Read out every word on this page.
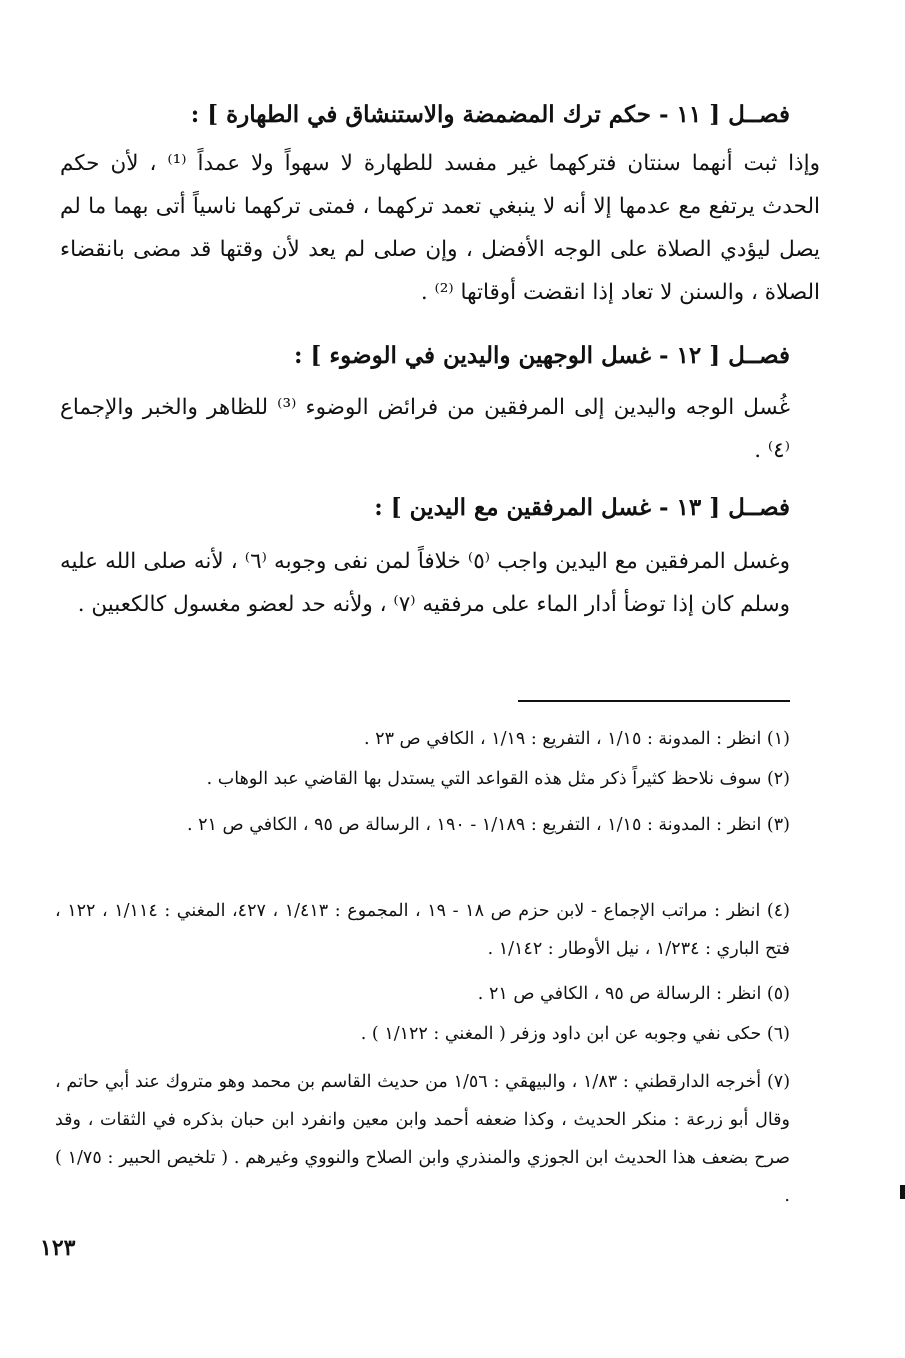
فصــل [ ١١ - حكم ترك المضمضة والاستنشاق في الطهارة ] :
وإذا ثبت أنهما سنتان فتركهما غير مفسد للطهارة لا سهواً ولا عمداً ⁽¹⁾ ، لأن حكم الحدث يرتفع مع عدمها إلا أنه لا ينبغي تعمد تركهما ، فمتى تركهما ناسياً أتى بهما ما لم يصل ليؤدي الصلاة على الوجه الأفضل ، وإن صلى لم يعد لأن وقتها قد مضى بانقضاء الصلاة ، والسنن لا تعاد إذا انقضت أوقاتها ⁽²⁾ .
فصــل [ ١٢ - غسل الوجهين واليدين في الوضوء ] :
غُسل الوجه واليدين إلى المرفقين من فرائض الوضوء ⁽³⁾ للظاهر والخبر والإجماع ⁽٤⁾ .
فصــل [ ١٣ - غسل المرفقين مع اليدين ] :
وغسل المرفقين مع اليدين واجب ⁽٥⁾ خلافاً لمن نفى وجوبه ⁽٦⁾ ، لأنه صلى الله عليه وسلم كان إذا توضأ أدار الماء على مرفقيه ⁽٧⁾ ، ولأنه حد لعضو مغسول كالكعبين .
(١) انظر : المدونة : ١/١٥ ، التفريع : ١/١٩ ، الكافي ص ٢٣ .
(٢) سوف نلاحظ كثيراً ذكر مثل هذه القواعد التي يستدل بها القاضي عبد الوهاب .
(٣) انظر : المدونة : ١/١٥ ، التفريع : ١/١٨٩ - ١٩٠ ، الرسالة ص ٩٥ ، الكافي ص ٢١ .
(٤) انظر : مراتب الإجماع - لابن حزم ص ١٨ - ١٩ ، المجموع : ١/٤١٣ ، ٤٢٧، المغني : ١/١١٤ ، ١٢٢ ، فتح الباري : ١/٢٣٤ ، نيل الأوطار : ١/١٤٢ .
(٥) انظر : الرسالة ص ٩٥ ، الكافي ص ٢١ .
(٦) حكى نفي وجوبه عن ابن داود وزفر ( المغني : ١/١٢٢ ) .
(٧) أخرجه الدارقطني : ١/٨٣ ، والبيهقي : ١/٥٦ من حديث القاسم بن محمد وهو متروك عند أبي حاتم ، وقال أبو زرعة : منكر الحديث ، وكذا ضعفه أحمد وابن معين وانفرد ابن حبان بذكره في الثقات ، وقد صرح بضعف هذا الحديث ابن الجوزي والمنذري وابن الصلاح والنووي وغيرهم . ( تلخيص الحبير : ١/٧٥ ) .
١٢٣
